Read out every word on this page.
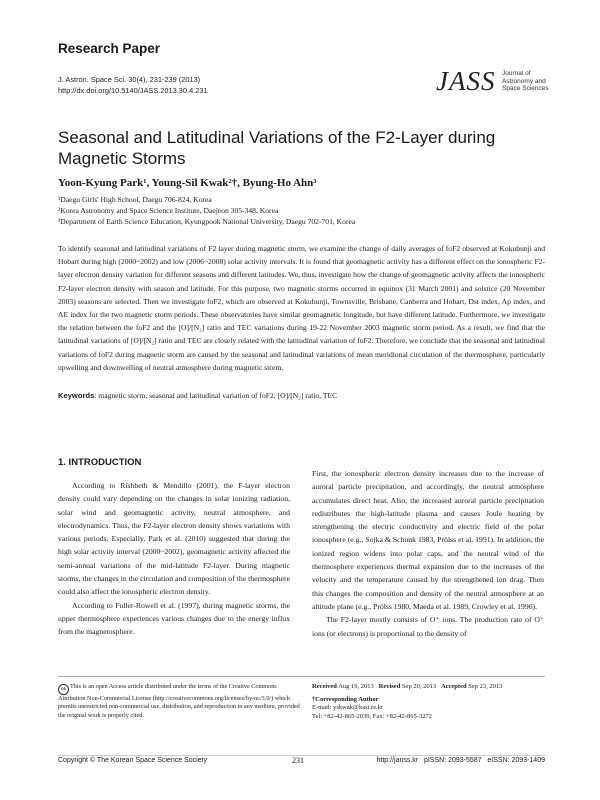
Research Paper
J. Astron. Space Sci. 30(4), 231-239 (2013)
http://dx.doi.org/10.5140/JASS.2013.30.4.231	JASS Journal of
Astronomy and
Space Sciences
Seasonal and Latitudinal Variations of the F2-Layer during Magnetic Storms
Yoon-Kyung Park¹, Young-Sil Kwak²†, Byung-Ho Ahn³
¹Daegu Girls' High School, Daegu 706-824, Korea
²Korea Astronomy and Space Science Institute, Daejeon 305-348, Korea
³Department of Earth Science Education, Kyungpook National University, Daegu 702-701, Korea
To identify seasonal and latitudinal variations of F2 layer during magnetic storm, we examine the change of daily averages of foF2 observed at Kokubunji and Hobart during high (2000~2002) and low (2006~2008) solar activity intervals. It is found that geomagnetic activity has a different effect on the ionospheric F2-layer electron density variation for different seasons and different latitudes. We, thus, investigate how the change of geomagnetic activity affects the ionospheric F2-layer electron density with season and latitude. For this purpose, two magnetic storms occurred in equinox (31 March 2001) and solstice (20 November 2003) seasons are selected. Then we investigate foF2, which are observed at Kokubunji, Townsville, Brisbane, Canberra and Hobart, Dst index, Ap index, and AE index for the two magnetic storm periods. These observatories have similar geomagnetic longitude, but have different latitude. Furthermore, we investigate the relation between the foF2 and the [O]/[N₂] ratio and TEC variations during 19-22 November 2003 magnetic storm period. As a result, we find that the latitudinal variations of [O]/[N₂] ratio and TEC are closely related with the latitudinal variation of foF2. Therefore, we conclude that the seasonal and latitudinal variations of foF2 during magnetic storm are caused by the seasonal and latitudinal variations of mean meridional circulation of the thermosphere, particularly upwelling and downwelling of neutral atmosphere during magnetic storm.
Keywords: magnetic storm, seasonal and latitudinal variation of foF2, [O]/[N₂] ratio, TEC
1. INTRODUCTION

According to Rishbeth & Mendillo (2001), the F-layer electron density could vary depending on the changes in solar ionizing radiation, solar wind and geomagnetic activity, neutral atmosphere, and electrodynamics. Thus, the F2-layer electron density shows variations with various periods. Especially, Park et al. (2010) suggested that during the high solar activity interval (2000~2002), geomagnetic activity affected the semi-annual variations of the mid-latitude F2-layer. During magnetic storms, the changes in the circulation and composition of the thermosphere could also affect the ionospheric electron density.

According to Fuller-Rowell et al. (1997), during magnetic storms, the upper thermosphere experiences various changes due to the energy influx from the magnetosphere.

First, the ionospheric electron density increases due to the increase of auroral particle precipitation, and accordingly, the neutral atmosphere accumulates direct heat. Also, the increased auroral particle precipitation redistributes the high-latitude plasma and causes Joule heating by strengthening the electric conductivity and electric field of the polar ionosphere (e.g., Sojka & Schunk 1983, Prölss et al. 1991). In addition, the ionized region widens into polar caps, and the neutral wind of the thermosphere experiences thermal expansion due to the increases of the velocity and the temperature caused by the strengthened ion drag. Then this changes the composition and density of the neutral atmosphere at an altitude plane (e.g., Prölss 1980, Maeda et al. 1989, Crowley et al. 1996).

The F2-layer mostly consists of O⁺ ions. The production rate of O⁺ ions (or electrons) is proportional to the density of

cc This is an open Access article distributed under the terms of the Creative Commons Attribution Non-Commercial License (http://creativecommons.org/licenses/by-nc/3.0/) which premits unrestricted non-commercial use, distribution, and reproduction in any medium, provided the original work is properly cited.
Received Aug 19, 2013 Revised Sep 20, 2013 Accepted Sep 23, 2013
†Corresponding Author
E-mail: yskwak@kasi.re.kr
Tel: +82-42-865-2039, Fax: +82-42-865-3272
Copyright © The Korean Space Science Society	231	http://janss.kr   pISSN: 2093-5587   eISSN: 2093-1409
